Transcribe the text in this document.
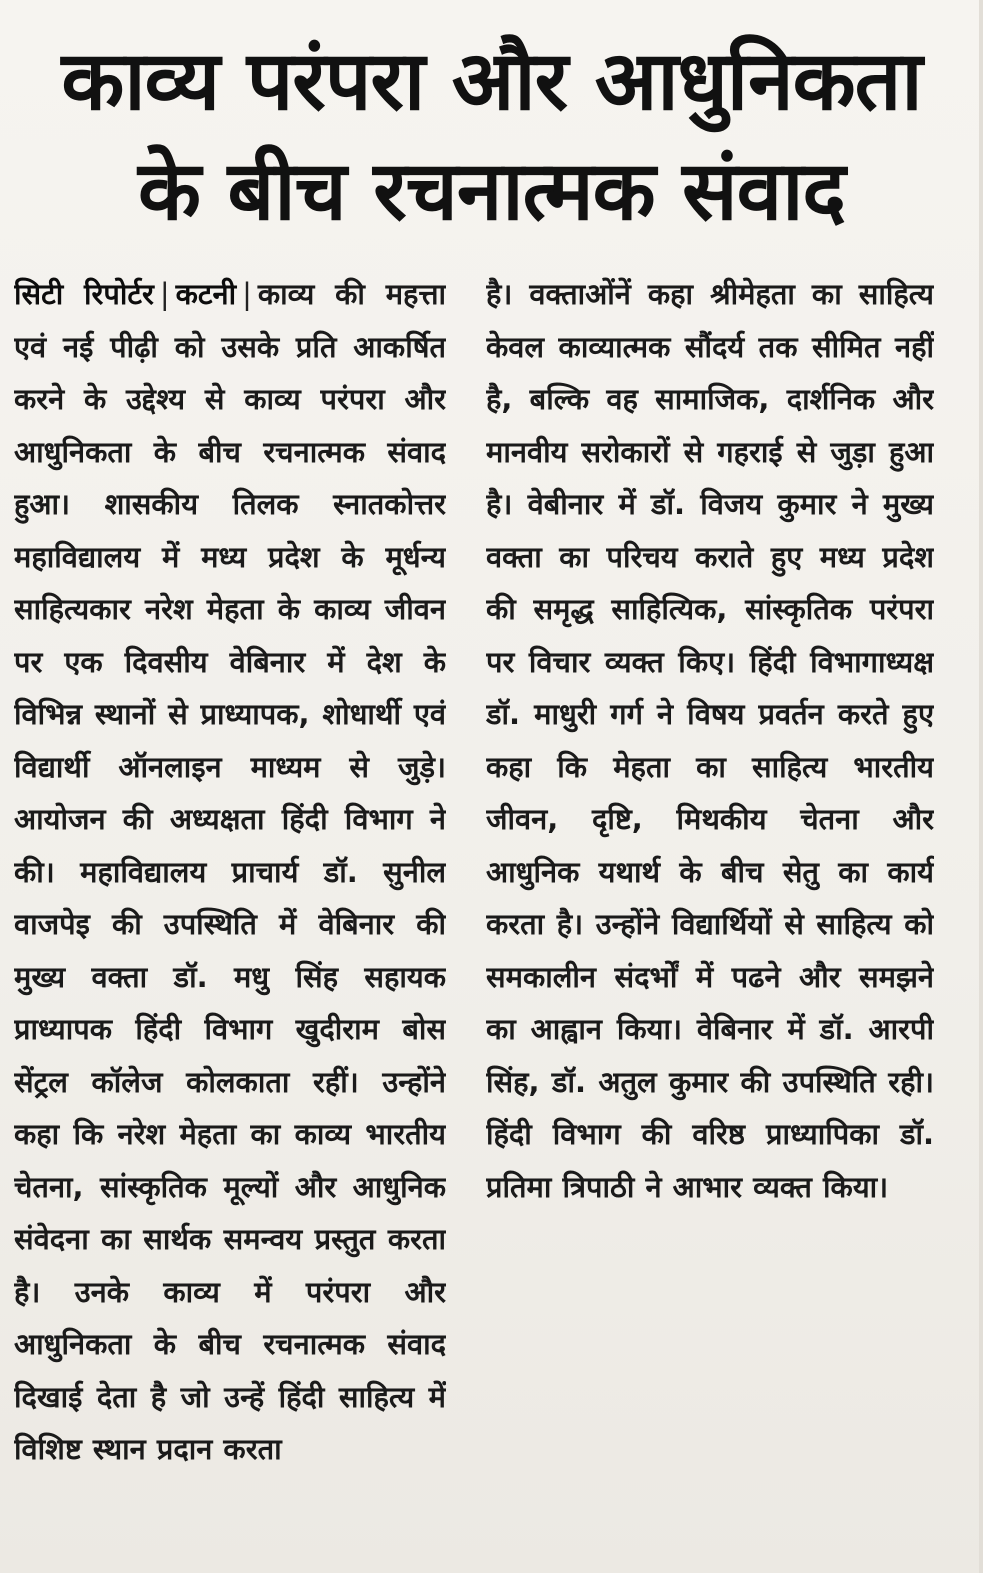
काव्य परंपरा और आधुनिकता
के बीच रचनात्मक संवाद
सिटी रिपोर्टर | कटनी | काव्य की महत्ता एवं नई पीढ़ी को उसके प्रति आकर्षित करने के उद्देश्य से काव्य परंपरा और आधुनिकता के बीच रचनात्मक संवाद हुआ। शासकीय तिलक स्नातकोत्तर महाविद्यालय में मध्य प्रदेश के मूर्धन्य साहित्यकार नरेश मेहता के काव्य जीवन पर एक दिवसीय वेबिनार में देश के विभिन्न स्थानों से प्राध्यापक, शोधार्थी एवं विद्यार्थी ऑनलाइन माध्यम से जुड़े। आयोजन की अध्यक्षता हिंदी विभाग ने की। महाविद्यालय प्राचार्य डॉ. सुनील वाजपेइ की उपस्थिति में वेबिनार की मुख्य वक्ता डॉ. मधु सिंह सहायक प्राध्यापक हिंदी विभाग खुदीराम बोस सेंट्रल कॉलेज कोलकाता रहीं। उन्होंने कहा कि नरेश मेहता का काव्य भारतीय चेतना, सांस्कृतिक मूल्यों और आधुनिक संवेदना का सार्थक समन्वय प्रस्तुत करता है। उनके काव्य में परंपरा और आधुनिकता के बीच रचनात्मक संवाद दिखाई देता है जो उन्हें हिंदी साहित्य में विशिष्ट स्थान प्रदान करता
है। वक्ताओंनें कहा श्रीमेहता का साहित्य केवल काव्यात्मक सौंदर्य तक सीमित नहीं है, बल्कि वह सामाजिक, दार्शनिक और मानवीय सरोकारों से गहराई से जुड़ा हुआ है। वेबीनार में डॉ. विजय कुमार ने मुख्य वक्ता का परिचय कराते हुए मध्य प्रदेश की समृद्ध साहित्यिक, सांस्कृतिक परंपरा पर विचार व्यक्त किए। हिंदी विभागाध्यक्ष डॉ. माधुरी गर्ग ने विषय प्रवर्तन करते हुए कहा कि मेहता का साहित्य भारतीय जीवन, दृष्टि, मिथकीय चेतना और आधुनिक यथार्थ के बीच सेतु का कार्य करता है। उन्होंने विद्यार्थियों से साहित्य को समकालीन संदर्भों में पढने और समझने का आह्वान किया। वेबिनार में डॉ. आरपी सिंह, डॉ. अतुल कुमार की उपस्थिति रही। हिंदी विभाग की वरिष्ठ प्राध्यापिका डॉ. प्रतिमा त्रिपाठी ने आभार व्यक्त किया।
